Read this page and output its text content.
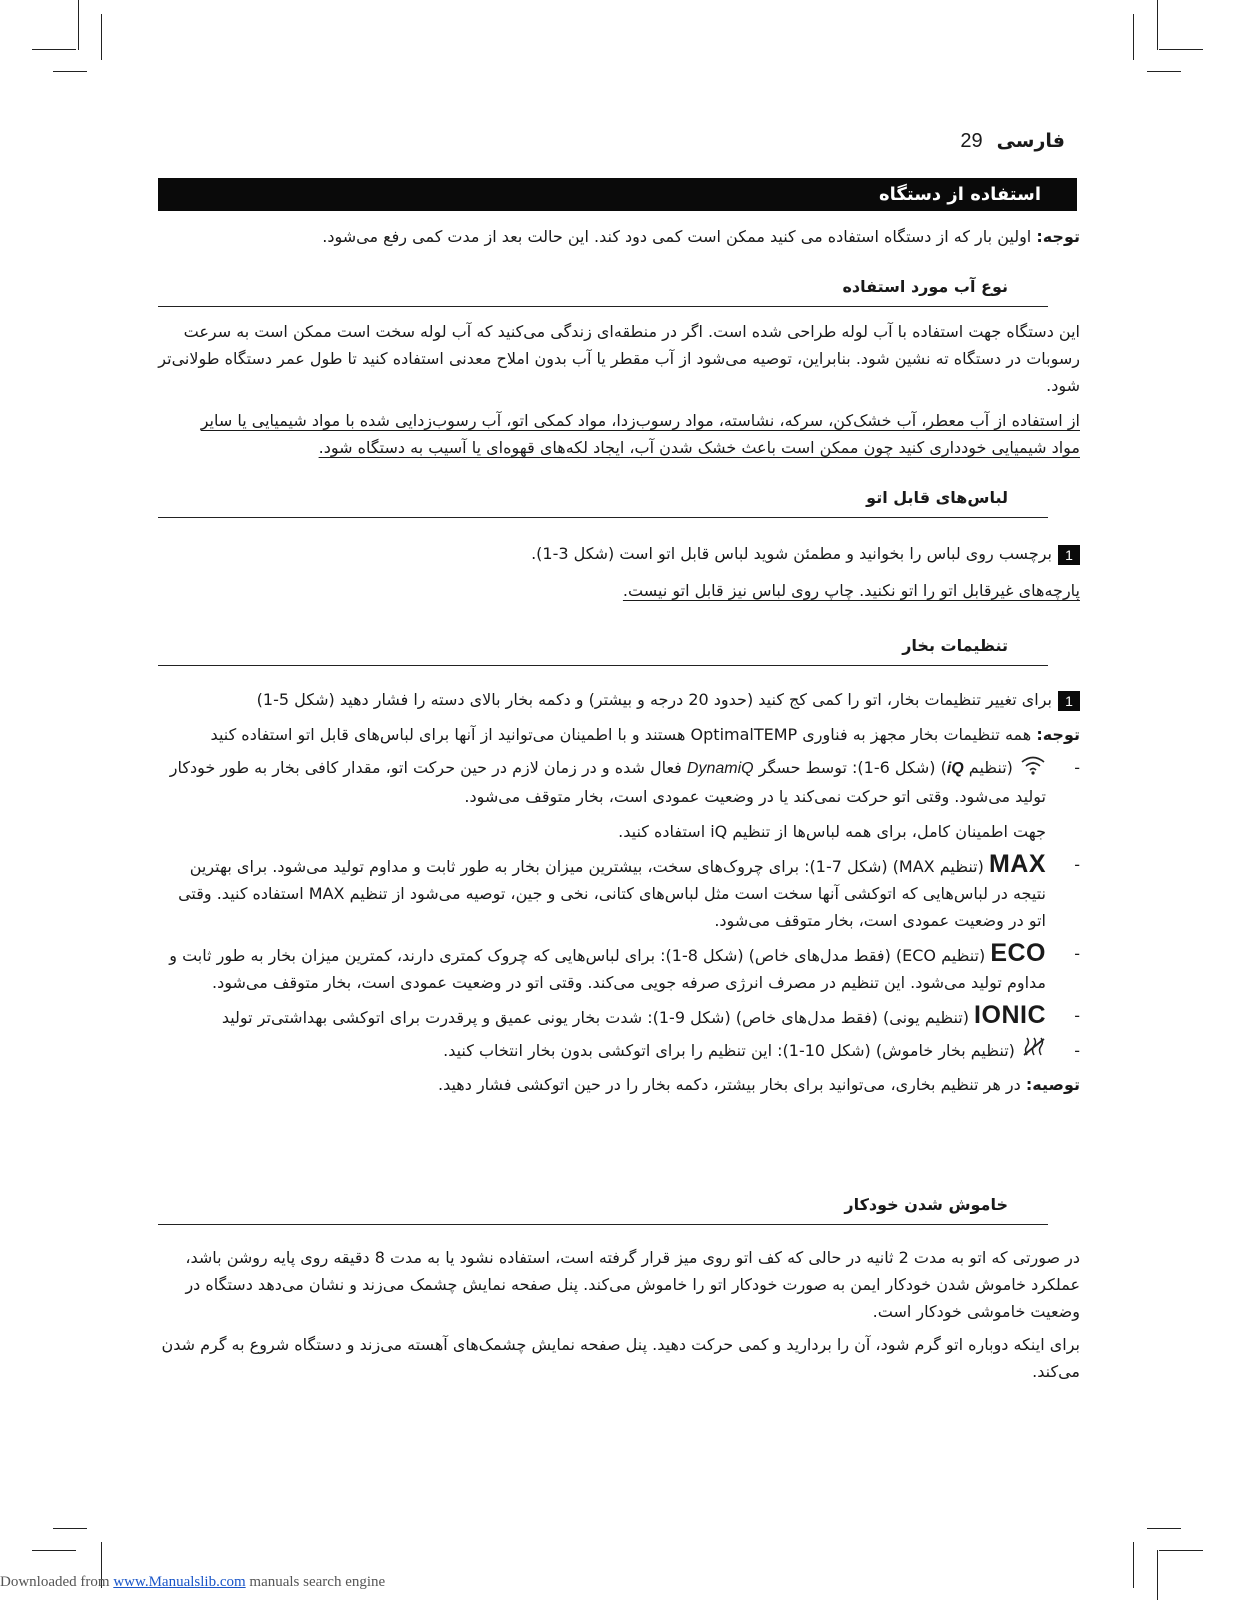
فارسی
29
استفاده از دستگاه

توجه: اولین بار که از دستگاه استفاده می کنید ممکن است کمی دود کند. این حالت بعد از مدت کمی رفع می‌شود.

نوع آب مورد استفاده

این دستگاه جهت استفاده با آب لوله طراحی شده است. اگر در منطقه‌ای زندگی می‌کنید که آب لوله سخت است ممکن است به سرعت رسوبات در دستگاه ته نشین شود. بنابراین، توصیه می‌شود از آب مقطر یا آب بدون املاح معدنی استفاده کنید تا طول عمر دستگاه طولانی‌تر شود.

از استفاده از آب معطر، آب خشک‌کن، سرکه، نشاسته، مواد رسوب‌زدا، مواد کمکی اتو، آب رسوب‌زدایی شده با مواد شیمیایی یا سایر مواد شیمیایی خودداری کنید چون ممکن است باعث خشک شدن آب، ایجاد لکه‌های قهوه‌ای یا آسیب به دستگاه شود.

لباس‌های قابل اتو

1برچسب روی لباس را بخوانید و مطمئن شوید لباس قابل اتو است (شکل 3-1).

پارچه‌های غیرقابل اتو را اتو نکنید. چاپ روی لباس نیز قابل اتو نیست.

تنظیمات بخار

1برای تغییر تنظیمات بخار، اتو را کمی کج کنید (حدود 20 درجه و بیشتر) و دکمه بخار بالای دسته را فشار دهید (شکل 5-1)

توجه: همه تنظیمات بخار مجهز به فناوری OptimalTEMP هستند و با اطمینان می‌توانید از آنها برای لباس‌های قابل اتو استفاده کنید

-
(تنظیم iQ) (شکل 6-1): توسط حسگر DynamiQ فعال شده و در زمان لازم در حین حرکت اتو، مقدار کافی بخار به طور خودکار تولید می‌شود. وقتی اتو حرکت نمی‌کند یا در وضعیت عمودی است، بخار متوقف می‌شود.

جهت اطمینان کامل، برای همه لباس‌ها از تنظیم iQ استفاده کنید.

-
MAX (تنظیم MAX) (شکل 7-1): برای چروک‌های سخت، بیشترین میزان بخار به طور ثابت و مداوم تولید می‌شود. برای بهترین نتیجه در لباس‌هایی که اتوکشی آنها سخت است مثل لباس‌های کتانی، نخی و جین، توصیه می‌شود از تنظیم MAX استفاده کنید. وقتی اتو در وضعیت عمودی است، بخار متوقف می‌شود.
-
ECO (تنظیم ECO) (فقط مدل‌های خاص) (شکل 8-1): برای لباس‌هایی که چروک کمتری دارند، کمترین میزان بخار به طور ثابت و مداوم تولید می‌شود. این تنظیم در مصرف انرژی صرفه جویی می‌کند. وقتی اتو در وضعیت عمودی است، بخار متوقف می‌شود.
-
IONIC (تنظیم یونی) (فقط مدل‌های خاص) (شکل 9-1): شدت بخار یونی عمیق و پرقدرت برای اتوکشی بهداشتی‌تر تولید
-
(تنظیم بخار خاموش) (شکل 10-1): این تنظیم را برای اتوکشی بدون بخار انتخاب کنید.

توصیه: در هر تنظیم بخاری، می‌توانید برای بخار بیشتر، دکمه بخار را در حین اتوکشی فشار دهید.

خاموش شدن خودکار

در صورتی که اتو به مدت 2 ثانیه در حالی که کف اتو روی میز قرار گرفته است، استفاده نشود یا به مدت 8 دقیقه روی پایه روشن باشد، عملکرد خاموش شدن خودکار ایمن به صورت خودکار اتو را خاموش می‌کند. پنل صفحه نمایش چشمک می‌زند و نشان می‌دهد دستگاه در وضعیت خاموشی خودکار است.

برای اینکه دوباره اتو گرم شود، آن را بردارید و کمی حرکت دهید. پنل صفحه نمایش چشمک‌های آهسته می‌زند و دستگاه شروع به گرم شدن می‌کند.

Downloaded from www.Manualslib.com manuals search engine
